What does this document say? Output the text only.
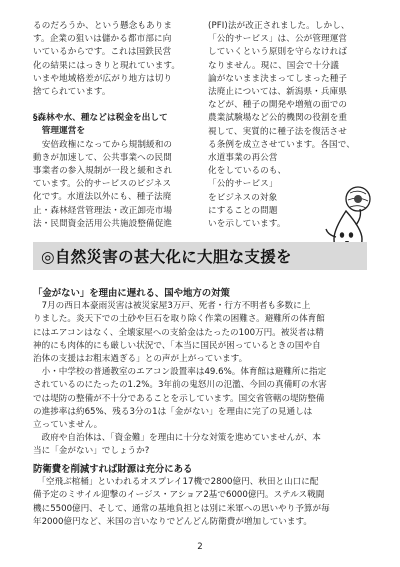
るのだろうか、という懸念もありま

す。企業の狙いは儲かる都市部に向

いているからです。これは国鉄民営

化の結果にはっきりと現れています。

いまや地域格差が広がり地方は切り

捨てられています。

§森林や水、種などは税金を出して

　管理運営を

　安倍政権になってから規制緩和の

動きが加速して、公共事業への民間

事業者の参入規制が一段と緩和され

ています。公的サービスのビジネス

化です。水道法以外にも、種子法廃

止・森林経営管理法・改正卸売市場

法・民間資金活用公共施設整備促進

(PFI)法が改正されました。しかし、

「公的サービス」は、公が管理運営

していくという原則を守らなければ

なりません。現に、国会で十分議

論がないまま決まってしまった種子

法廃止については、新潟県・兵庫県

などが、種子の開発や増殖の面での

農業試験場など公的機関の役割を重

視して、実質的に種子法を復活させ

る条例を成立させています。各国で、

水道事業の再公営

化をしているのも、

「公的サービス」

をビジネスの対象

にすることの問題

いを示しています。

◎自然災害の甚大化に大胆な支援を

「金がない」を理由に遅れる、国や地方の対策

　7月の西日本豪雨災害は被災家屋3万戸、死者・行方不明者も多数に上

りました。炎天下での土砂や巨石を取り除く作業の困難さ。避難所の体育館

にはエアコンはなく、全壊家屋への支給金はたったの100万円。被災者は精

神的にも肉体的にも厳しい状況で、「本当に国民が困っているときの国や自

治体の支援はお粗末過ぎる」との声が上がっています。

　小・中学校の普通教室のエアコン設置率は49.6%。体育館は避難所に指定

されているのにたったの1.2%。3年前の鬼怒川の氾濫、今回の真備町の水害

では堤防の整備が不十分であることを示しています。国交省管轄の堤防整備

の進捗率は約65%、残る3分の1は「金がない」を理由に完了の見通しは

立っていません。

　政府や自治体は、「資金難」を理由に十分な対策を進めていませんが、本

当に「金がない」でしょうか?

防衛費を削減すれば財源は充分にある

　「空飛ぶ棺桶」といわれるオスプレイ17機で2800億円、秋田と山口に配

備予定のミサイル迎撃のイージス・アショア2基で6000億円。ステルス戦闘

機に5500億円、そして、通常の基地負担とは別に米軍への思いやり予算が毎

年2000億円など、米国の言いなりでどんどん防衛費が増加しています。

2
